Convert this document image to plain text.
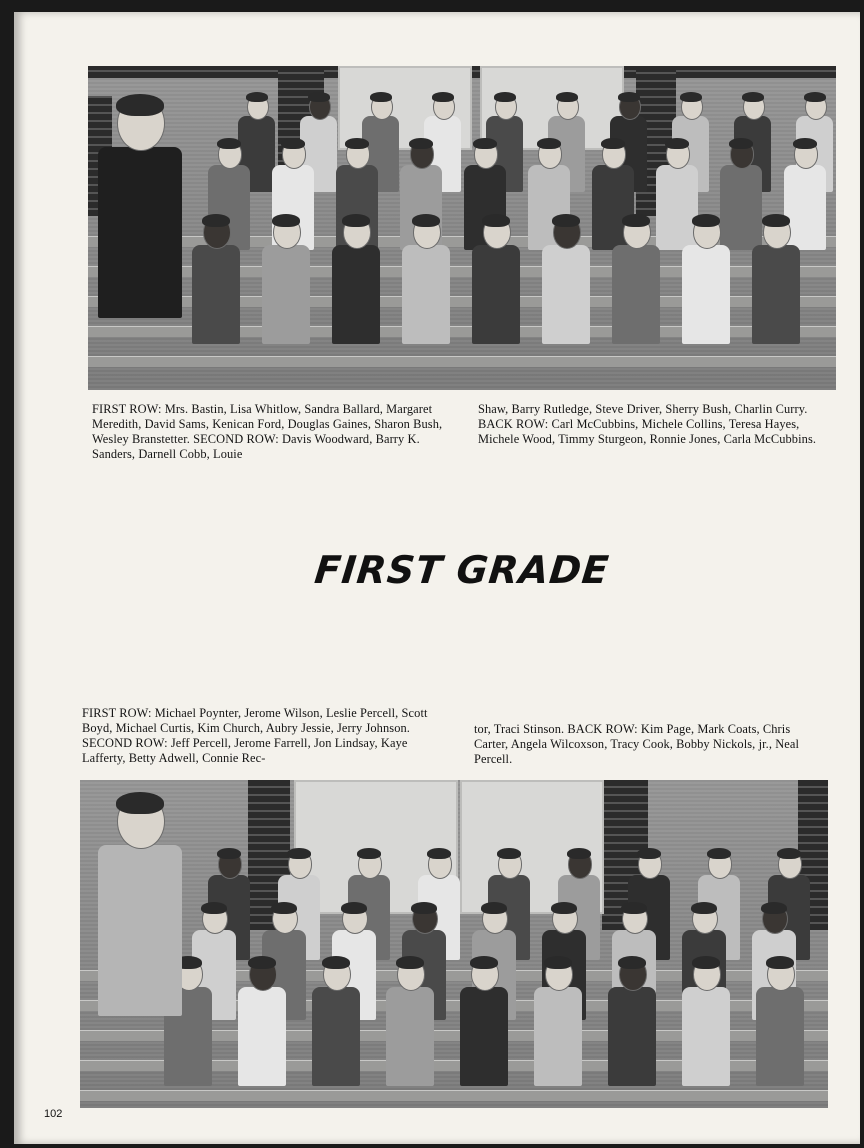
FIRST ROW: Mrs. Bastin, Lisa Whitlow, Sandra Ballard, Margaret Meredith, David Sams, Kenican Ford, Douglas Gaines, Sharon Bush, Wesley Branstetter. SECOND ROW: Davis Woodward, Barry K. Sanders, Darnell Cobb, Louie
Shaw, Barry Rutledge, Steve Driver, Sherry Bush, Charlin Curry. BACK ROW: Carl McCubbins, Michele Collins, Teresa Hayes, Michele Wood, Timmy Sturgeon, Ronnie Jones, Carla McCubbins.
FIRST GRADE
FIRST ROW: Michael Poynter, Jerome Wilson, Leslie Percell, Scott Boyd, Michael Curtis, Kim Church, Aubry Jessie, Jerry Johnson. SECOND ROW: Jeff Percell, Jerome Farrell, Jon Lindsay, Kaye Lafferty, Betty Adwell, Connie Rec-
tor, Traci Stinson. BACK ROW: Kim Page, Mark Coats, Chris Carter, Angela Wilcoxson, Tracy Cook, Bobby Nickols, jr., Neal Percell.
102
